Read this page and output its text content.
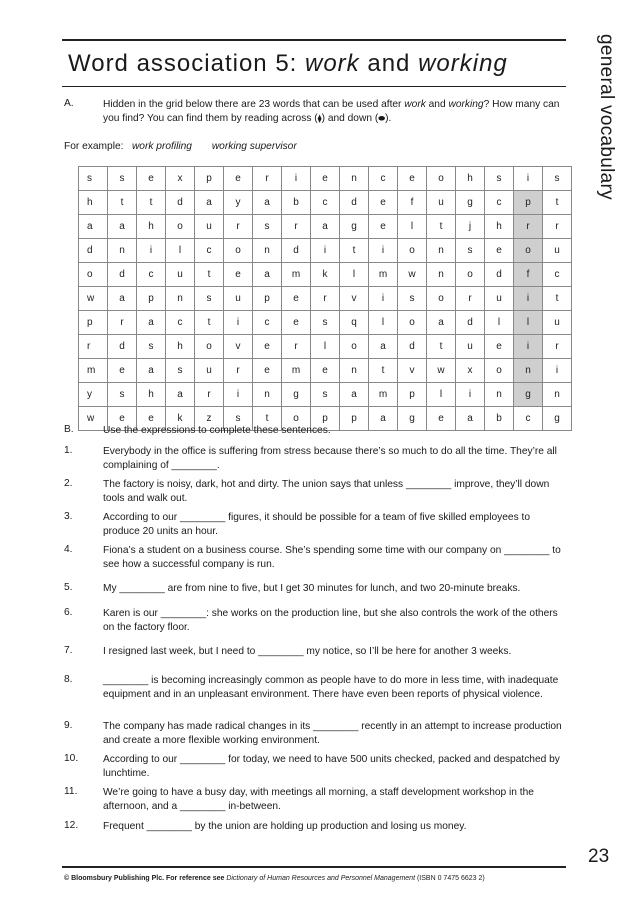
Word association 5: work and working	general vocabulary
A.	Hidden in the grid below there are 23 words that can be used after work and working? How many can you find? You can find them by reading across (⧫) and down (⬬).
For example: work profiling working supervisor
s	s	e	x	p	e	r	i	e	n	c	e	o	h	s	i	s
h	t	t	d	a	y	a	b	c	d	e	f	u	g	c	p	t
a	a	h	o	u	r	s	r	a	g	e	l	t	j	h	r	r
d	n	i	l	c	o	n	d	i	t	i	o	n	s	e	o	u
o	d	c	u	t	e	a	m	k	l	m	w	n	o	d	f	c
w	a	p	n	s	u	p	e	r	v	i	s	o	r	u	i	t
p	r	a	c	t	i	c	e	s	q	l	o	a	d	l	l	u
r	d	s	h	o	v	e	r	l	o	a	d	t	u	e	i	r
m	e	a	s	u	r	e	m	e	n	t	v	w	x	o	n	i
y	s	h	a	r	i	n	g	s	a	m	p	l	i	n	g	n
w	e	e	k	z	s	t	o	p	p	a	g	e	a	b	c	g
B.	Use the expressions to complete these sentences.
1.	Everybody in the office is suffering from stress because there’s so much to do all the time. They’re all complaining of ________.
2.	The factory is noisy, dark, hot and dirty. The union says that unless ________ improve, they’ll down tools and walk out.
3.	According to our ________ figures, it should be possible for a team of five skilled employees to produce 20 units an hour.
4.	Fiona’s a student on a business course. She’s spending some time with our company on ________ to see how a successful company is run.
5.	My ________ are from nine to five, but I get 30 minutes for lunch, and two 20-minute breaks.
6.	Karen is our ________: she works on the production line, but she also controls the work of the others on the factory floor.
7.	I resigned last week, but I need to ________ my notice, so I’ll be here for another 3 weeks.
8.	________ is becoming increasingly common as people have to do more in less time, with inadequate equipment and in an unpleasant environment. There have even been reports of physical violence.
9.	The company has made radical changes in its ________ recently in an attempt to increase production and create a more flexible working environment.
10. According to our ________ for today, we need to have 500 units checked, packed and despatched by lunchtime.
11.	We’re going to have a busy day, with meetings all morning, a staff development workshop in the afternoon, and a ________ in-between.
12. Frequent ________ by the union are holding up production and losing us money.
23
© Bloomsbury Publishing Plc. For reference see Dictionary of Human Resources and Personnel Management (ISBN 0 7475 6623 2)
